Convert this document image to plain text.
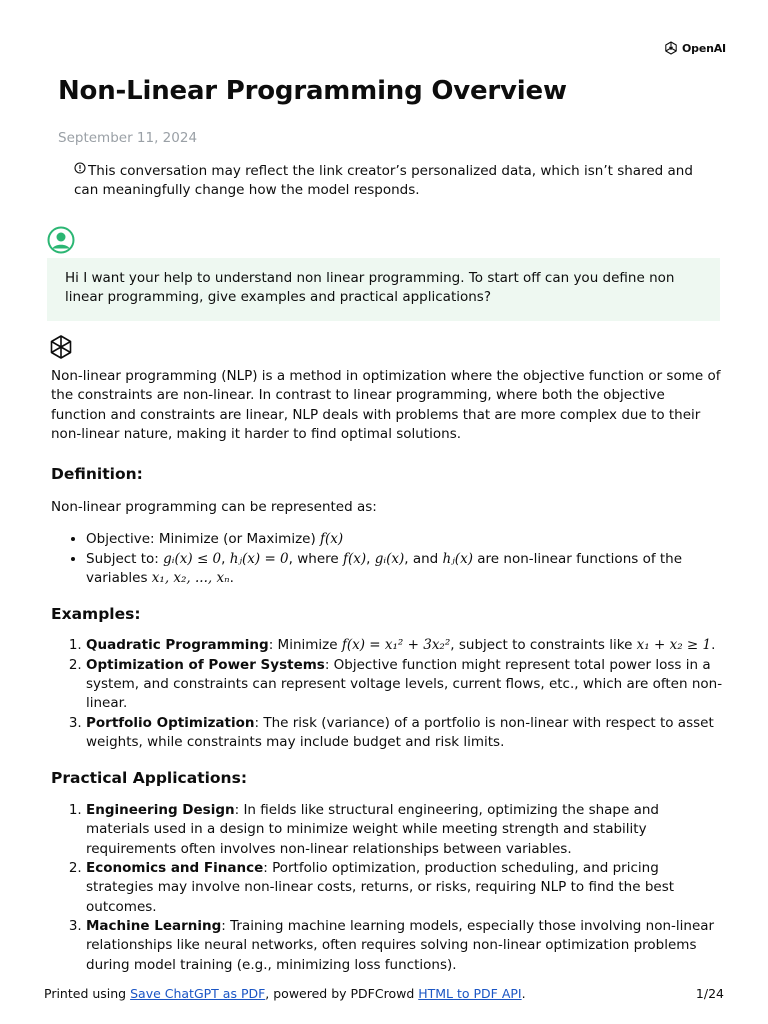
OpenAI
Non-Linear Programming Overview
September 11, 2024
This conversation may reflect the link creator’s personalized data, which isn’t shared and can meaningfully change how the model responds.
Hi I want your help to understand non linear programming. To start off can you define non linear programming, give examples and practical applications?

Non-linear programming (NLP) is a method in optimization where the objective function or some of the constraints are non-linear. In contrast to linear programming, where both the objective function and constraints are linear, NLP deals with problems that are more complex due to their non-linear nature, making it harder to find optimal solutions.

Definition:

Non-linear programming can be represented as:

• Objective: Minimize (or Maximize) f(x)
• Subject to: gᵢ(x) ≤ 0, hⱼ(x) = 0, where f(x), gᵢ(x), and hⱼ(x) are non-linear functions of the variables x₁, x₂, ..., xₙ.
Examples:
1. Quadratic Programming: Minimize f(x) = x₁² + 3x₂², subject to constraints like x₁ + x₂ ≥ 1.
2. Optimization of Power Systems: Objective function might represent total power loss in a system, and constraints can represent voltage levels, current flows, etc., which are often non-linear.
3. Portfolio Optimization: The risk (variance) of a portfolio is non-linear with respect to asset weights, while constraints may include budget and risk limits.
Practical Applications:
1. Engineering Design: In fields like structural engineering, optimizing the shape and materials used in a design to minimize weight while meeting strength and stability requirements often involves non-linear relationships between variables.
2. Economics and Finance: Portfolio optimization, production scheduling, and pricing strategies may involve non-linear costs, returns, or risks, requiring NLP to find the best outcomes.
3. Machine Learning: Training machine learning models, especially those involving non-linear relationships like neural networks, often requires solving non-linear optimization problems during model training (e.g., minimizing loss functions).
Printed using Save ChatGPT as PDF, powered by PDFCrowd HTML to PDF API.	1/24
